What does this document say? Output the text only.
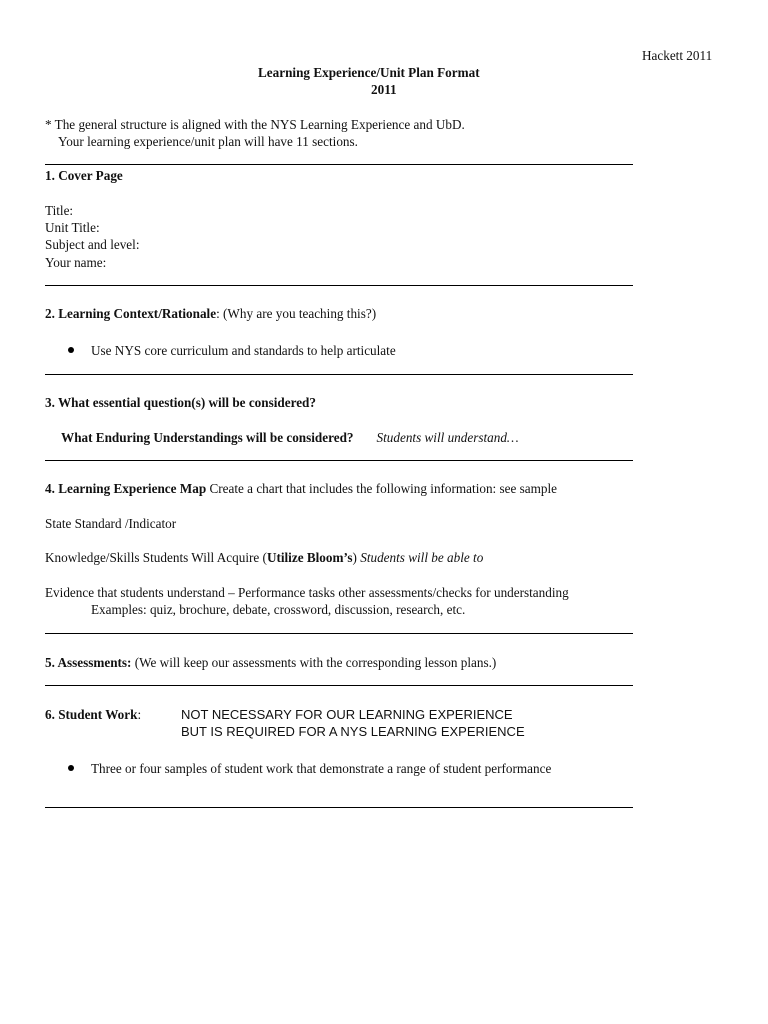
Hackett 2011
Learning Experience/Unit Plan Format
2011
* The general structure is aligned with the NYS Learning Experience and UbD.
Your learning experience/unit plan will have 11 sections.
1. Cover Page
Title:
Unit Title:
Subject and level:
Your name:
2. Learning Context/Rationale: (Why are you teaching this?)
Use NYS core curriculum and standards to help articulate
3. What essential question(s) will be considered?
What Enduring Understandings will be considered? Students will understand…
4. Learning Experience Map Create a chart that includes the following information: see sample
State Standard /Indicator
Knowledge/Skills Students Will Acquire (Utilize Bloom’s) Students will be able to
Evidence that students understand – Performance tasks other assessments/checks for understanding
Examples: quiz, brochure, debate, crossword, discussion, research, etc.
5. Assessments: (We will keep our assessments with the corresponding lesson plans.)
6. Student Work:	NOT NECESSARY FOR OUR LEARNING EXPERIENCE
BUT IS REQUIRED FOR A NYS LEARNING EXPERIENCE
Three or four samples of student work that demonstrate a range of student performance
